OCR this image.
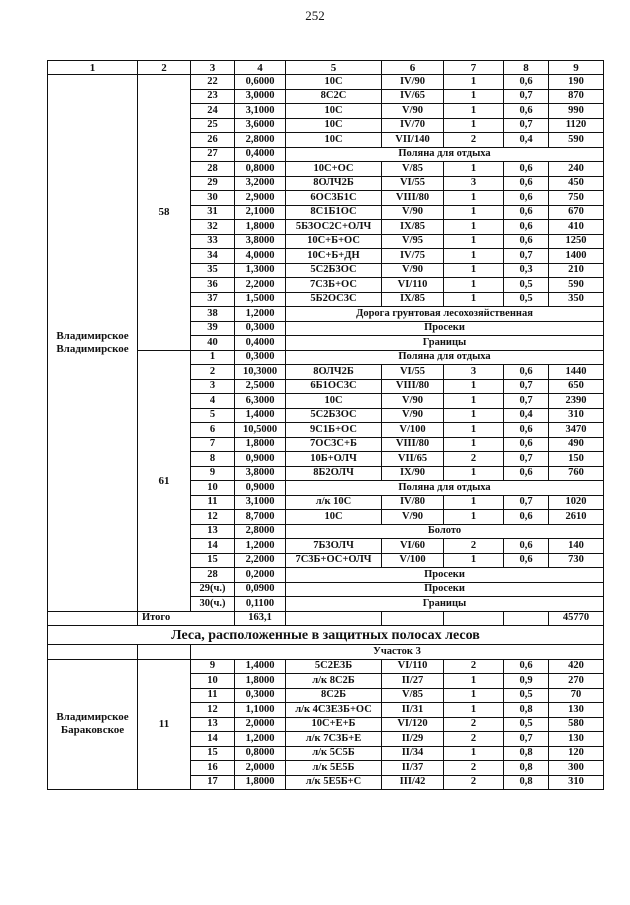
252
1	2	3	4	5	6	7	8	9

Владимирское
Владимирское	58	22	0,6000	10С	IV/90	1	0,6	190
		23	3,0000	8С2С	IV/65	1	0,7	870
		24	3,1000	10С	V/90	1	0,6	990
		25	3,6000	10С	IV/70	1	0,7	1120
		26	2,8000	10С	VII/140	2	0,4	590
		27	0,4000	Поляна для отдыха				
		28	0,8000	10С+ОС	V/85	1	0,6	240
		29	3,2000	8ОЛЧ2Б	VI/55	3	0,6	450
		30	2,9000	6ОС3Б1С	VIII/80	1	0,6	750
		31	2,1000	8С1Б1ОС	V/90	1	0,6	670
		32	1,8000	5Б3ОС2С+ОЛЧ	IX/85	1	0,6	410
		33	3,8000	10С+Б+ОС	V/95	1	0,6	1250
		34	4,0000	10С+Б+ДН	IV/75	1	0,7	1400
		35	1,3000	5С2Б3ОС	V/90	1	0,3	210
		36	2,2000	7С3Б+ОС	VI/110	1	0,5	590
		37	1,5000	5Б2ОС3С	IX/85	1	0,5	350
		38	1,2000	Дорога грунтовая лесохозяйственная				
		39	0,3000	Просеки				
		40	0,4000	Границы				
	61	1	0,3000	Поляна для отдыха				
		2	10,3000	8ОЛЧ2Б	VI/55	3	0,6	1440
		3	2,5000	6Б1ОС3С	VIII/80	1	0,7	650
		4	6,3000	10С	V/90	1	0,7	2390
		5	1,4000	5С2Б3ОС	V/90	1	0,4	310
		6	10,5000	9С1Б+ОС	V/100	1	0,6	3470
		7	1,8000	7ОС3С+Б	VIII/80	1	0,6	490
		8	0,9000	10Б+ОЛЧ	VII/65	2	0,7	150
		9	3,8000	8Б2ОЛЧ	IX/90	1	0,6	760
		10	0,9000	Поляна для отдыха				
		11	3,1000	л/к 10С	IV/80	1	0,7	1020
		12	8,7000	10С	V/90	1	0,6	2610
		13	2,8000	Болото				
		14	1,2000	7Б3ОЛЧ	VI/60	2	0,6	140
		15	2,2000	7С3Б+ОС+ОЛЧ	V/100	1	0,6	730
		28	0,2000	Просеки				
		29(ч.)	0,0900	Просеки				
		30(ч.)	0,1100	Границы				
	Итого		163,1					45770
Леса, расположенные в защитных полосах лесов								
		Участок 3						

Владимирское
Бараковское	11	9	1,4000	5С2Е3Б	VI/110	2	0,6	420
		10	1,8000	л/к 8С2Б	II/27	1	0,9	270
		11	0,3000	8С2Б	V/85	1	0,5	70
		12	1,1000	л/к 4С3Е3Б+ОС	II/31	1	0,8	130
		13	2,0000	10С+Е+Б	VI/120	2	0,5	580
		14	1,2000	л/к 7С3Б+Е	II/29	2	0,7	130
		15	0,8000	л/к 5С5Б	II/34	1	0,8	120
		16	2,0000	л/к 5Е5Б	II/37	2	0,8	300
		17	1,8000	л/к 5Е5Б+С	III/42	2	0,8	310
